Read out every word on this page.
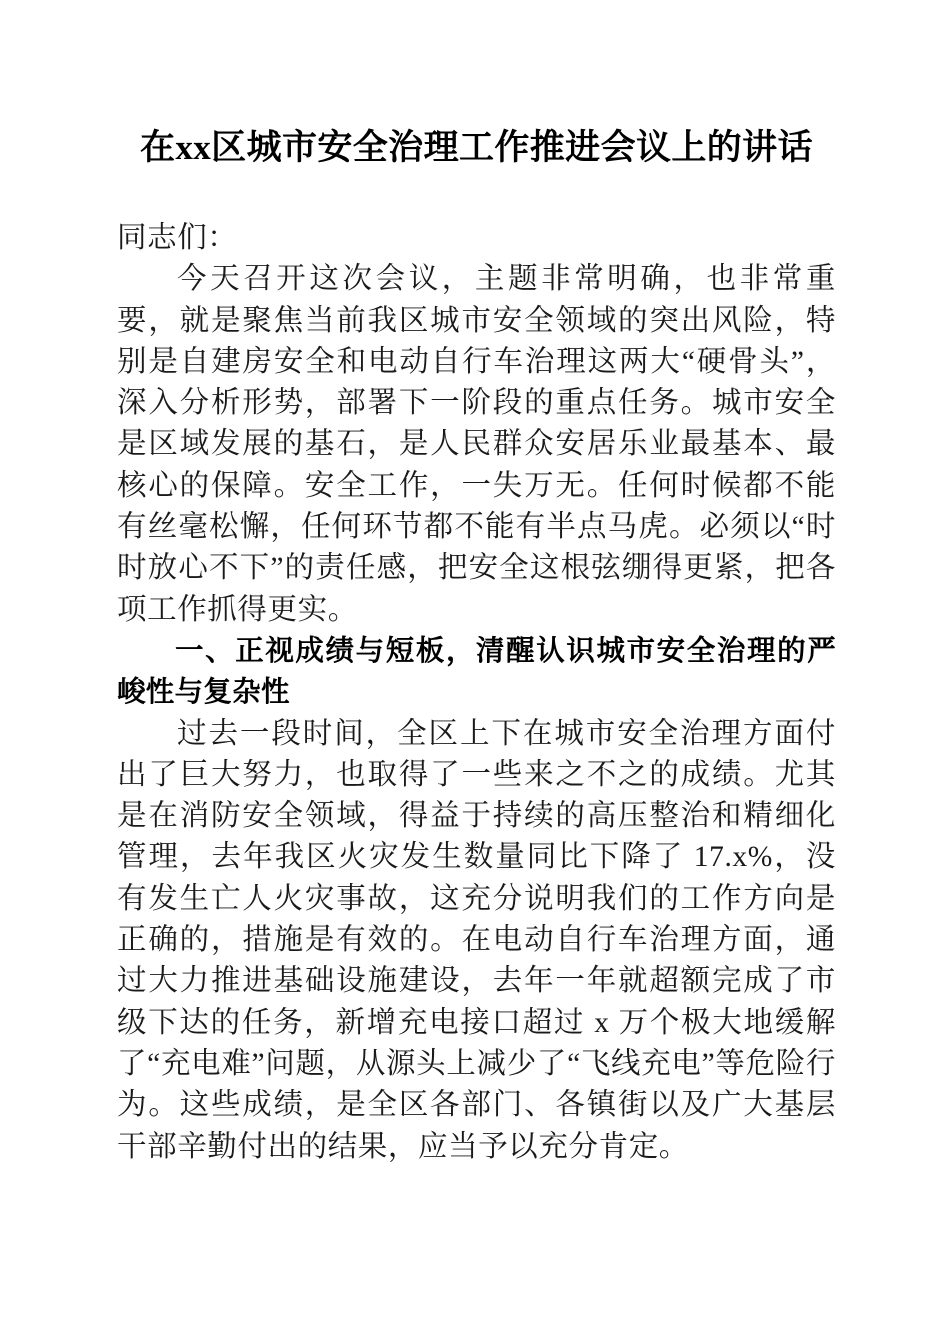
在xx区城市安全治理工作推进会议上的讲话

同志们：

今天召开这次会议，主题非常明确，也非常重要，就是聚焦当前我区城市安全领域的突出风险，特别是自建房安全和电动自行车治理这两大“硬骨头”，深入分析形势，部署下一阶段的重点任务。城市安全是区域发展的基石，是人民群众安居乐业最基本、最核心的保障。安全工作，一失万无。任何时候都不能有丝毫松懈，任何环节都不能有半点马虎。必须以“时时放心不下”的责任感，把安全这根弦绷得更紧，把各项工作抓得更实。

一、正视成绩与短板，清醒认识城市安全治理的严峻性与复杂性

过去一段时间，全区上下在城市安全治理方面付出了巨大努力，也取得了一些来之不之的成绩。尤其是在消防安全领域，得益于持续的高压整治和精细化管理，去年我区火灾发生数量同比下降了 17.x%，没有发生亡人火灾事故，这充分说明我们的工作方向是正确的，措施是有效的。在电动自行车治理方面，通过大力推进基础设施建设，去年一年就超额完成了市级下达的任务，新增充电接口超过 x 万个极大地缓解了“充电难”问题，从源头上减少了“飞线充电”等危险行为。这些成绩，是全区各部门、各镇街以及广大基层干部辛勤付出的结果，应当予以充分肯定。
